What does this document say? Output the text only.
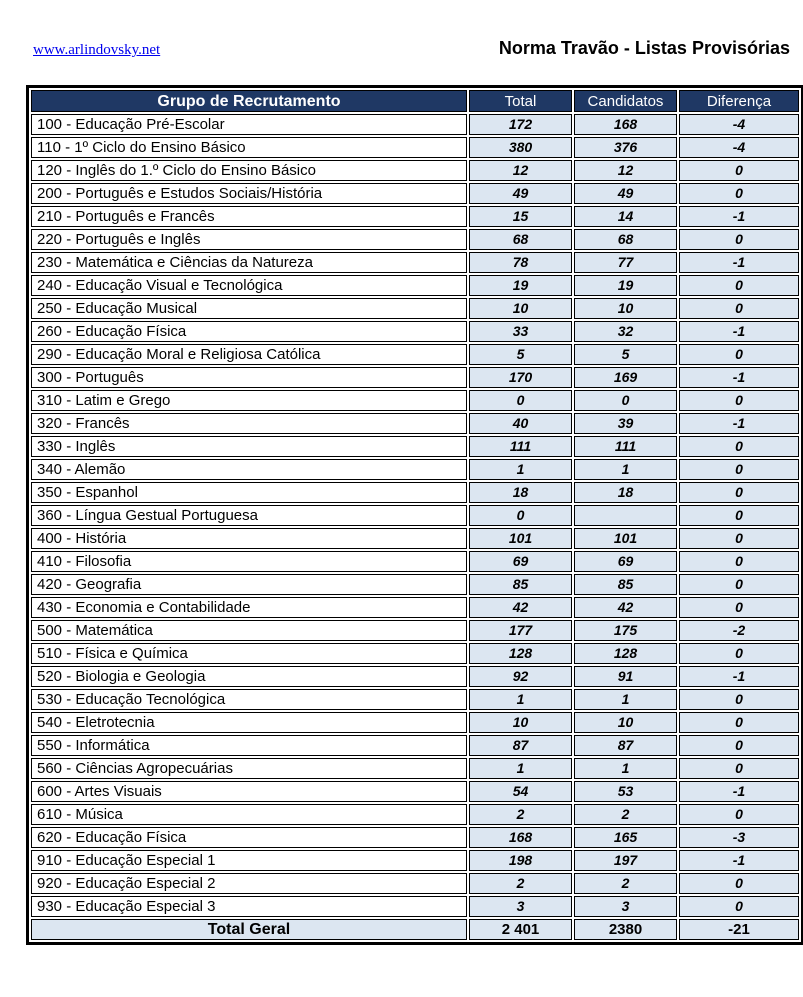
www.arlindovsky.net	Norma Travão - Listas Provisórias
Grupo de Recrutamento	Total	Candidatos	Diferença
100 - Educação Pré-Escolar	172	168	-4
110 - 1º Ciclo do Ensino Básico	380	376	-4
120 - Inglês do 1.º Ciclo do Ensino Básico	12	12	0
200 - Português e Estudos Sociais/História	49	49	0
210 - Português e Francês	15	14	-1
220 - Português e Inglês	68	68	0
230 - Matemática e Ciências da Natureza	78	77	-1
240 - Educação Visual e Tecnológica	19	19	0
250 - Educação Musical	10	10	0
260 - Educação Física	33	32	-1
290 - Educação Moral e Religiosa Católica	5	5	0
300 - Português	170	169	-1
310 - Latim e Grego	0	0	0
320 - Francês	40	39	-1
330 - Inglês	111	111	0
340 - Alemão	1	1	0
350 - Espanhol	18	18	0
360 - Língua Gestual Portuguesa	0		0
400 - História	101	101	0
410 - Filosofia	69	69	0
420 - Geografia	85	85	0
430 - Economia e Contabilidade	42	42	0
500 - Matemática	177	175	-2
510 - Física e Química	128	128	0
520 - Biologia e Geologia	92	91	-1
530 - Educação Tecnológica	1	1	0
540 - Eletrotecnia	10	10	0
550 - Informática	87	87	0
560 - Ciências Agropecuárias	1	1	0
600 - Artes Visuais	54	53	-1
610 - Música	2	2	0
620 - Educação Física	168	165	-3
910 - Educação Especial 1	198	197	-1
920 - Educação Especial 2	2	2	0
930 - Educação Especial 3	3	3	0
Total Geral	2 401	2380	-21
